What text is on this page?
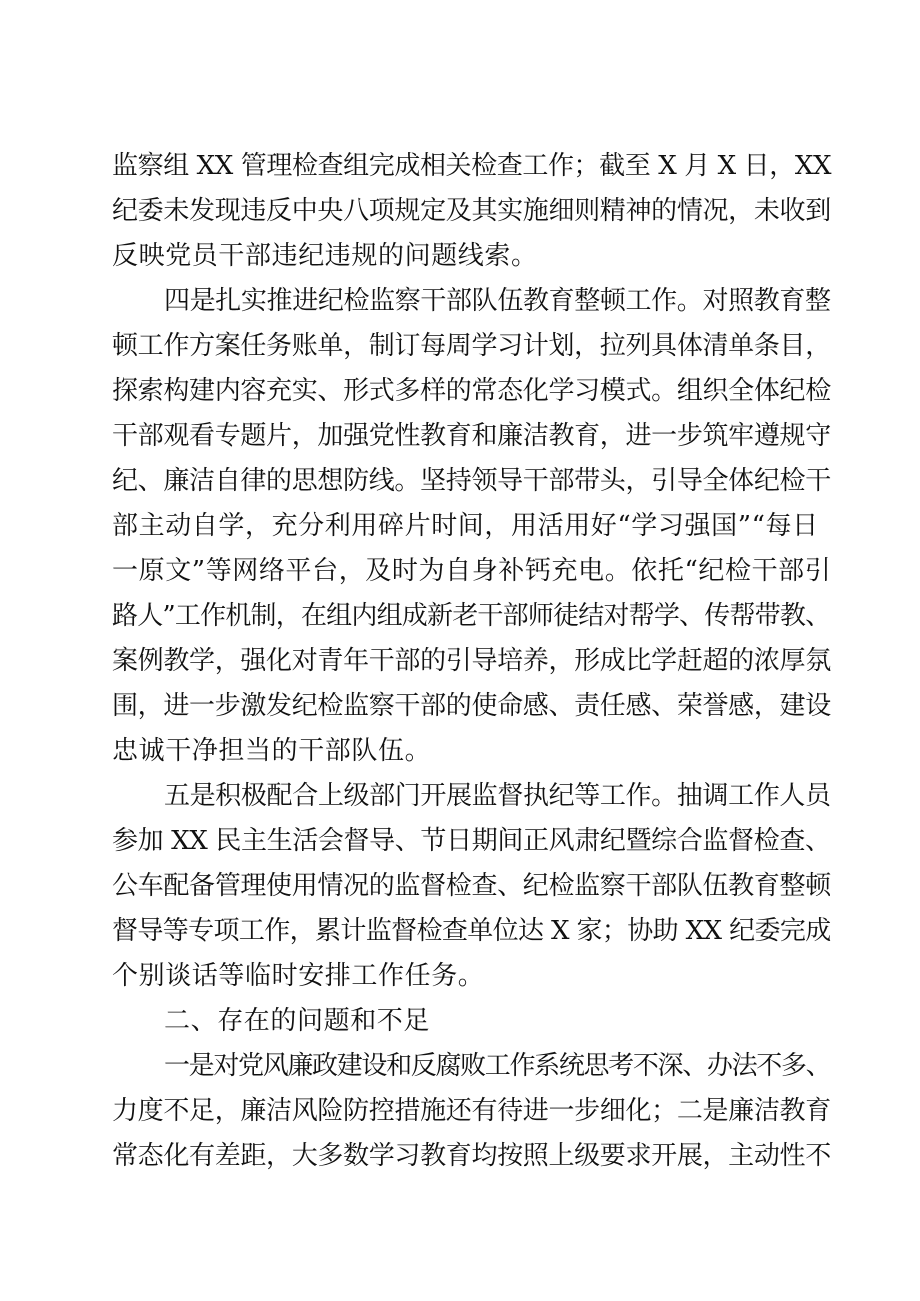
监察组 XX 管理检查组完成相关检查工作；截至 X 月 X 日，XX
纪委未发现违反中央八项规定及其实施细则精神的情况，未收到
反映党员干部违纪违规的问题线索。
四是扎实推进纪检监察干部队伍教育整顿工作。对照教育整
顿工作方案任务账单，制订每周学习计划，拉列具体清单条目，
探索构建内容充实、形式多样的常态化学习模式。组织全体纪检
干部观看专题片，加强党性教育和廉洁教育，进一步筑牢遵规守
纪、廉洁自律的思想防线。坚持领导干部带头，引导全体纪检干
部主动自学，充分利用碎片时间，用活用好“学习强国”“每日
一原文”等网络平台，及时为自身补钙充电。依托“纪检干部引
路人”工作机制，在组内组成新老干部师徒结对帮学、传帮带教、
案例教学，强化对青年干部的引导培养，形成比学赶超的浓厚氛
围，进一步激发纪检监察干部的使命感、责任感、荣誉感，建设
忠诚干净担当的干部队伍。
五是积极配合上级部门开展监督执纪等工作。抽调工作人员
参加 XX 民主生活会督导、节日期间正风肃纪暨综合监督检查、
公车配备管理使用情况的监督检查、纪检监察干部队伍教育整顿
督导等专项工作，累计监督检查单位达 X 家；协助 XX 纪委完成
个别谈话等临时安排工作任务。
二、存在的问题和不足
一是对党风廉政建设和反腐败工作系统思考不深、办法不多、
力度不足，廉洁风险防控措施还有待进一步细化；二是廉洁教育
常态化有差距，大多数学习教育均按照上级要求开展，主动性不
